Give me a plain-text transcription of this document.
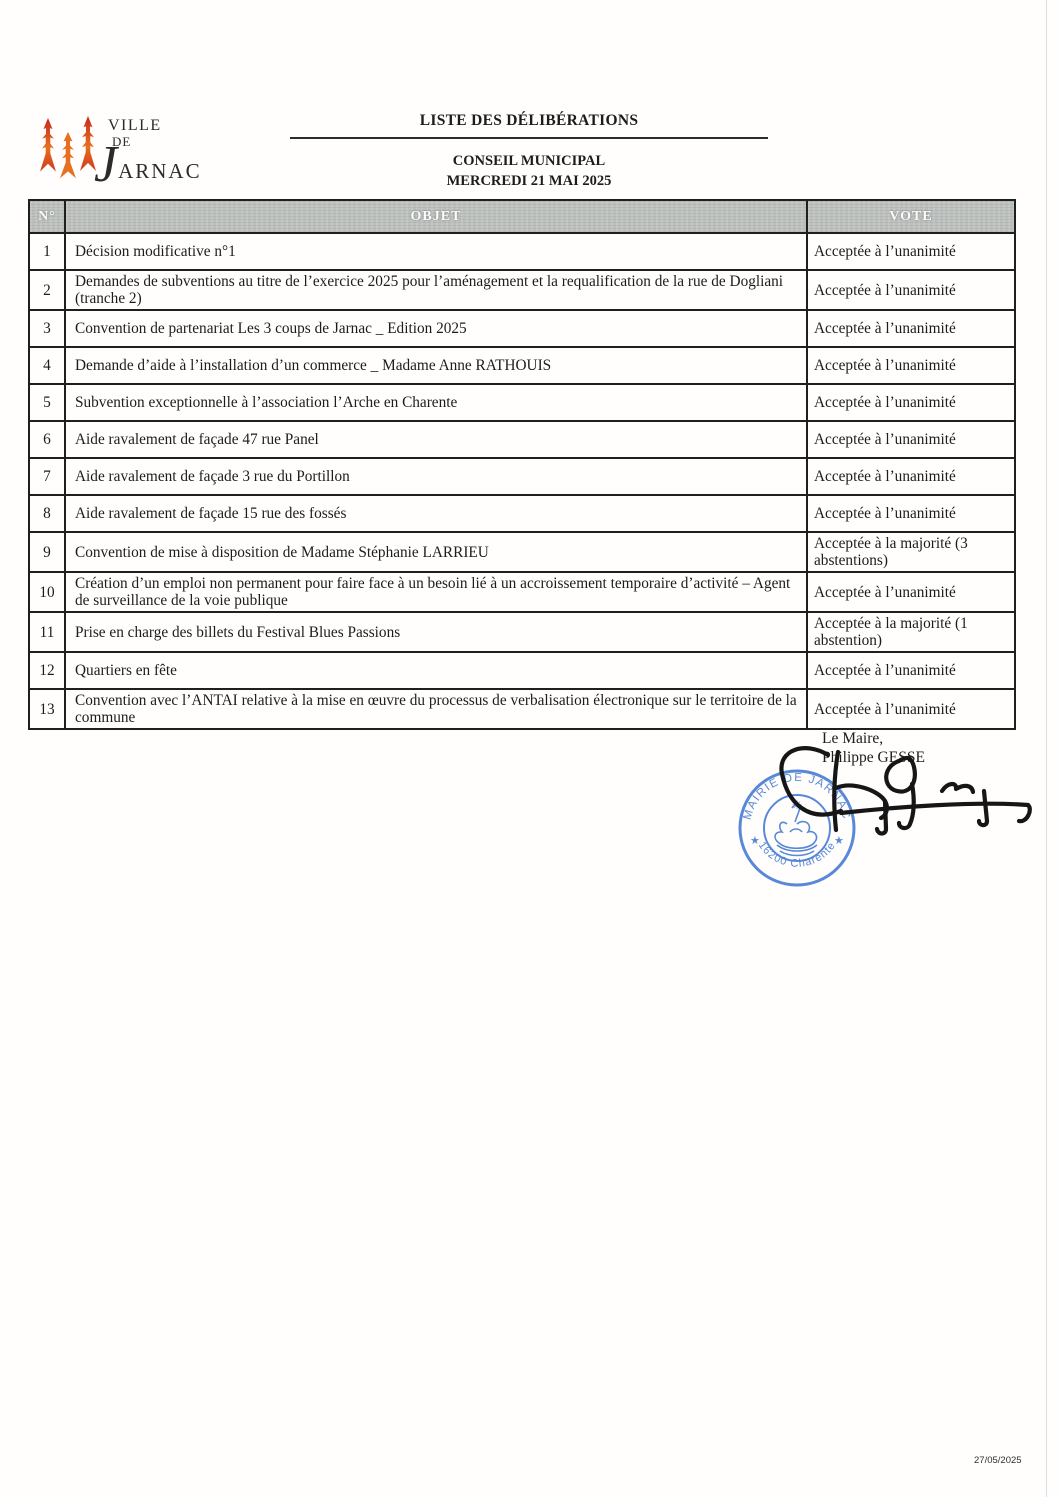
VILLE
DE
J ARNAC
LISTE DES DÉLIBÉRATIONS
CONSEIL MUNICIPAL
MERCREDI 21 MAI 2025
N°	OBJET	VOTE
1	Décision modificative n°1	Acceptée à l’unanimité
2	Demandes de subventions au titre de l’exercice 2025 pour l’aménagement et la requalification de la rue de Dogliani (tranche 2)	Acceptée à l’unanimité
3	Convention de partenariat Les 3 coups de Jarnac _ Edition 2025	Acceptée à l’unanimité
4	Demande d’aide à l’installation d’un commerce _ Madame Anne RATHOUIS	Acceptée à l’unanimité
5	Subvention exceptionnelle à l’association l’Arche en Charente	Acceptée à l’unanimité
6	Aide ravalement de façade 47 rue Panel	Acceptée à l’unanimité
7	Aide ravalement de façade 3 rue du Portillon	Acceptée à l’unanimité
8	Aide ravalement de façade 15 rue des fossés	Acceptée à l’unanimité
9	Convention de mise à disposition de Madame Stéphanie LARRIEU	Acceptée à la majorité (3 abstentions)
10	Création d’un emploi non permanent pour faire face à un besoin lié à un accroissement temporaire d’activité – Agent de surveillance de la voie publique	Acceptée à l’unanimité
11	Prise en charge des billets du Festival Blues Passions	Acceptée à la majorité (1 abstention)
12	Quartiers en fête	Acceptée à l’unanimité
13	Convention avec l’ANTAI relative à la mise en œuvre du processus de verbalisation électronique sur le territoire de la commune	Acceptée à l’unanimité
Le Maire,
Philippe GESSE
✳
★	★
MAIRIE DE JARNAC
16200 Charente
27/05/2025
